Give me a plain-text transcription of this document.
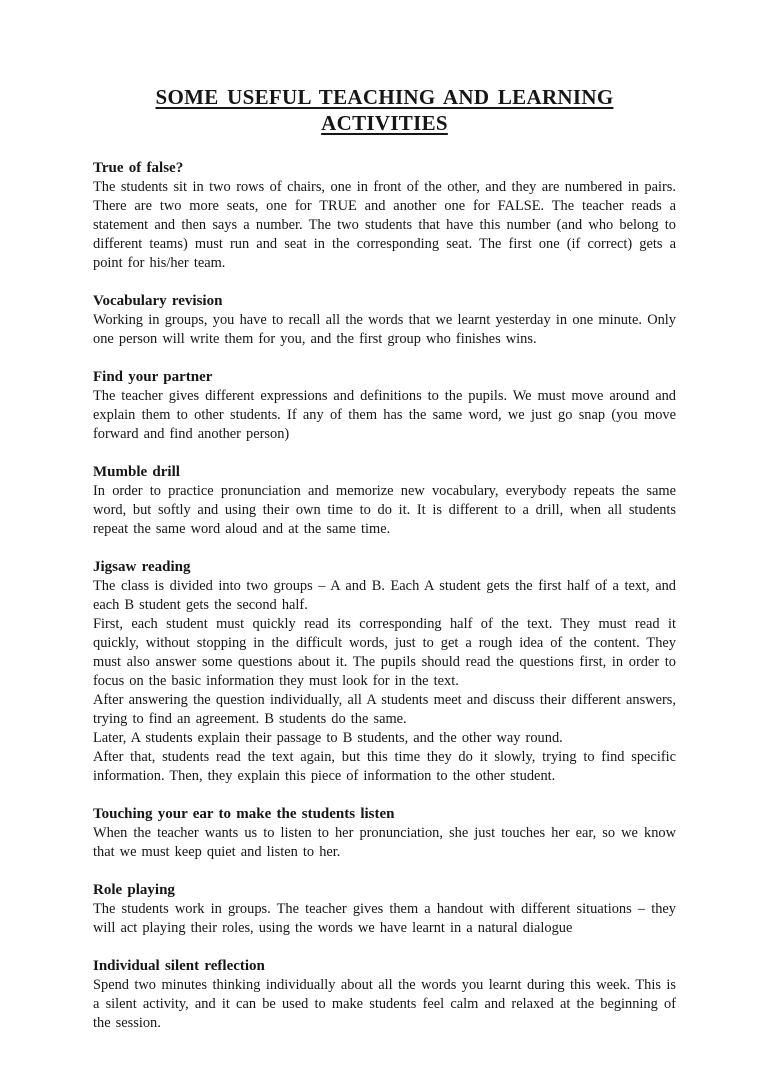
SOME USEFUL TEACHING AND LEARNING ACTIVITIES
True of false?

The students sit in two rows of chairs, one in front of the other, and they are numbered in pairs. There are two more seats, one for TRUE and another one for FALSE. The teacher reads a statement and then says a number. The two students that have this number (and who belong to different teams) must run and seat in the corresponding seat. The first one (if correct) gets a point for his/her team.

Vocabulary revision

Working in groups, you have to recall all the words that we learnt yesterday in one minute. Only one person will write them for you, and the first group who finishes wins.

Find your partner

The teacher gives different expressions and definitions to the pupils. We must move around and explain them to other students. If any of them has the same word, we just go snap (you move forward and find another person)

Mumble drill

In order to practice pronunciation and memorize new vocabulary, everybody repeats the same word, but softly and using their own time to do it. It is different to a drill, when all students repeat the same word aloud and at the same time.

Jigsaw reading

The class is divided into two groups – A and B. Each A student gets the first half of a text, and each B student gets the second half.

First, each student must quickly read its corresponding half of the text. They must read it quickly, without stopping in the difficult words, just to get a rough idea of the content. They must also answer some questions about it. The pupils should read the questions first, in order to focus on the basic information they must look for in the text.

After answering the question individually, all A students meet and discuss their different answers, trying to find an agreement. B students do the same.

Later, A students explain their passage to B students, and the other way round.

After that, students read the text again, but this time they do it slowly, trying to find specific information. Then, they explain this piece of information to the other student.

Touching your ear to make the students listen

When the teacher wants us to listen to her pronunciation, she just touches her ear, so we know that we must keep quiet and listen to her.

Role playing

The students work in groups. The teacher gives them a handout with different situations – they will act playing their roles, using the words we have learnt in a natural dialogue

Individual silent reflection

Spend two minutes thinking individually about all the words you learnt during this week. This is a silent activity, and it can be used to make students feel calm and relaxed at the beginning of the session.
